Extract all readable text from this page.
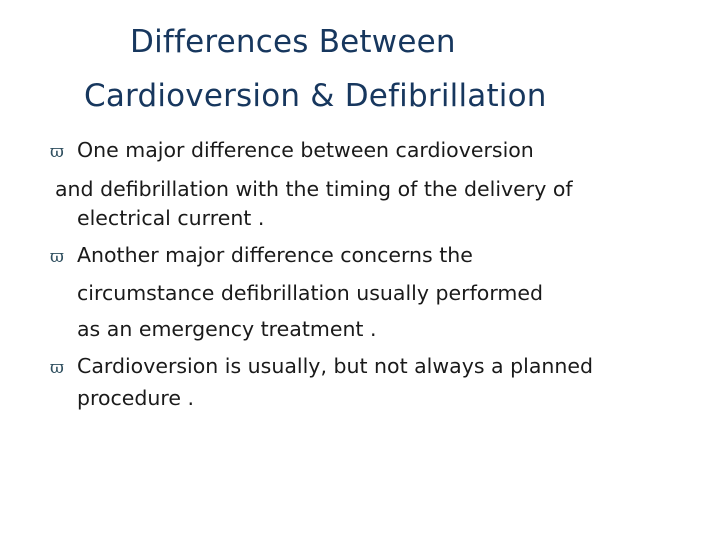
Differences Between
Cardioversion & Defibrillation
ϖ One major difference between cardioversion
and defibrillation with the timing of the delivery of
electrical current .
ϖ Another major difference concerns the
circumstance defibrillation usually performed
as an emergency treatment .
ϖ Cardioversion is usually, but not always a planned
procedure .
